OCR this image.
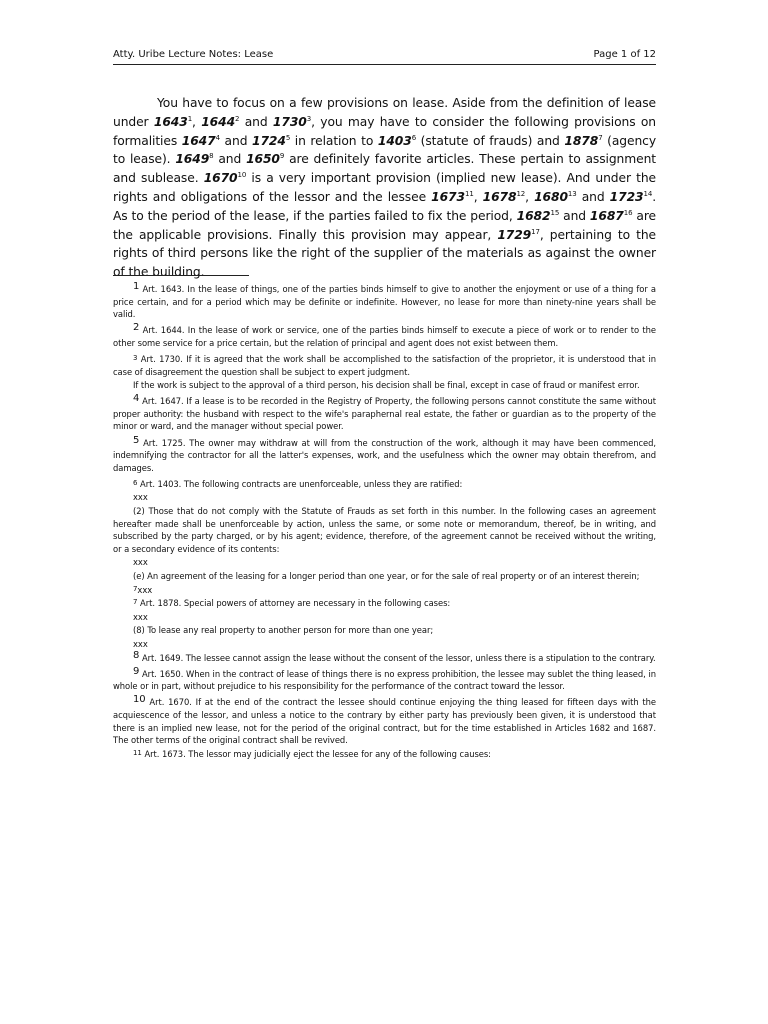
Atty. Uribe Lecture Notes: Lease	Page 1 of 12
You have to focus on a few provisions on lease. Aside from the definition of lease under 1643$^1$, 1644$^2$ and 1730$^3$, you may have to consider the following provisions on formalities 1647$^4$ and 1724$^5$ in relation to 1403$^6$ (statute of frauds) and 1878$^7$ (agency to lease). 1649$^8$ and 1650$^9$ are definitely favorite articles. These pertain to assignment and sublease. 1670$^{10}$ is a very important provision (implied new lease). And under the rights and obligations of the lessor and the lessee 1673$^{11}$, 1678$^{12}$, 1680$^{13}$ and 1723$^{14}$. As to the period of the lease, if the parties failed to fix the period, 1682$^{15}$ and 1687$^{16}$ are the applicable provisions. Finally this provision may appear, 1729$^{17}$, pertaining to the rights of third persons like the right of the supplier of the materials as against the owner of the building.

$^1$ Art. 1643. In the lease of things, one of the parties binds himself to give to another the enjoyment or use of a thing for a price certain, and for a period which may be definite or indefinite. However, no lease for more than ninety-nine years shall be valid.

$^2$ Art. 1644. In the lease of work or service, one of the parties binds himself to execute a piece of work or to render to the other some service for a price certain, but the relation of principal and agent does not exist between them.

$^3$ Art. 1730. If it is agreed that the work shall be accomplished to the satisfaction of the proprietor, it is understood that in case of disagreement the question shall be subject to expert judgment.

If the work is subject to the approval of a third person, his decision shall be final, except in case of fraud or manifest error.

$^4$ Art. 1647. If a lease is to be recorded in the Registry of Property, the following persons cannot constitute the same without proper authority: the husband with respect to the wife's paraphernal real estate, the father or guardian as to the property of the minor or ward, and the manager without special power.

$^5$ Art. 1725. The owner may withdraw at will from the construction of the work, although it may have been commenced, indemnifying the contractor for all the latter's expenses, work, and the usefulness which the owner may obtain therefrom, and damages.

$^6$ Art. 1403. The following contracts are unenforceable, unless they are ratified:

xxx

(2) Those that do not comply with the Statute of Frauds as set forth in this number. In the following cases an agreement hereafter made shall be unenforceable by action, unless the same, or some note or memorandum, thereof, be in writing, and subscribed by the party charged, or by his agent; evidence, therefore, of the agreement cannot be received without the writing, or a secondary evidence of its contents:

xxx

(e) An agreement of the leasing for a longer period than one year, or for the sale of real property or of an interest therein;

$^7$xxx

$^7$ Art. 1878. Special powers of attorney are necessary in the following cases:

xxx

(8) To lease any real property to another person for more than one year;

xxx

$^8$ Art. 1649. The lessee cannot assign the lease without the consent of the lessor, unless there is a stipulation to the contrary.

$^9$ Art. 1650. When in the contract of lease of things there is no express prohibition, the lessee may sublet the thing leased, in whole or in part, without prejudice to his responsibility for the performance of the contract toward the lessor.

$^{10}$ Art. 1670. If at the end of the contract the lessee should continue enjoying the thing leased for fifteen days with the acquiescence of the lessor, and unless a notice to the contrary by either party has previously been given, it is understood that there is an implied new lease, not for the period of the original contract, but for the time established in Articles 1682 and 1687. The other terms of the original contract shall be revived.

$^{11}$ Art. 1673. The lessor may judicially eject the lessee for any of the following causes:
